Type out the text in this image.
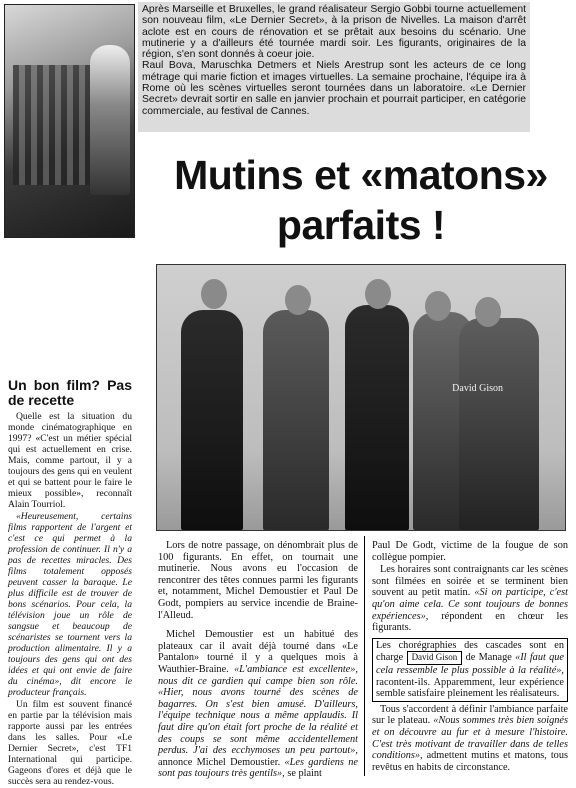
Après Marseille et Bruxelles, le grand réalisateur Sergio Gobbi tourne actuellement son nouveau film, «Le Dernier Secret», à la prison de Nivelles. La maison d'arrêt aclote est en cours de rénovation et se prêtait aux besoins du scénario. Une mutinerie y a d'ailleurs été tournée mardi soir. Les figurants, originaires de la région, s'en sont donnés à coeur joie.

Raul Bova, Maruschka Detmers et Niels Arestrup sont les acteurs de ce long métrage qui marie fiction et images virtuelles. La semaine prochaine, l'équipe ira à Rome où les scènes virtuelles seront tournées dans un laboratoire. «Le Dernier Secret» devrait sortir en salle en janvier prochain et pourrait participer, en catégorie commerciale, au festival de Cannes.

Mutins et «matons»
parfaits !
David Gison
Un bon film? Pas de recette

Quelle est la situation du monde cinématographique en 1997? «C'est un métier spécial qui est actuellement en crise. Mais, comme partout, il y a toujours des gens qui en veulent et qui se battent pour le faire le mieux possible», reconnaît Alain Tourriol.

«Heureusement, certains films rapportent de l'argent et c'est ce qui permet à la profession de continuer. Il n'y a pas de recettes miracles. Des films totalement opposés peuvent casser la baraque. Le plus difficile est de trouver de bons scénarios. Pour cela, la télévision joue un rôle de sangsue et beaucoup de scénaristes se tournent vers la production alimentaire. Il y a toujours des gens qui ont des idées et qui ont envie de faire du cinéma», dit encore le producteur français.

Un film est souvent financé en partie par la télévision mais rapporte aussi par les entrées dans les salles. Pour «Le Dernier Secret», c'est TF1 International qui participe. Gageons d'ores et déjà que le succès sera au rendez-vous.

Lors de notre passage, on dénombrait plus de 100 figurants. En effet, on tournait une mutinerie. Nous avons eu l'occasion de rencontrer des têtes connues parmi les figurants et, notamment, Michel Demoustier et Paul De Godt, pompiers au service incendie de Braine-l'Alleud.

Michel Demoustier est un habitué des plateaux car il avait déjà tourné dans «Le Pantalon» tourné il y a quelques mois à Wauthier-Braine. «L'ambiance est excellente», nous dit ce gardien qui campe bien son rôle. «Hier, nous avons tourné des scènes de bagarres. On s'est bien amusé. D'ailleurs, l'équipe technique nous a même applaudis. Il faut dire qu'on était fort proche de la réalité et des coups se sont même accidentellement perdus. J'ai des ecchymoses un peu partout», annonce Michel Demoustier. «Les gardiens ne sont pas toujours très gentils», se plaint

Paul De Godt, victime de la fougue de son collègue pompier.

Les horaires sont contraignants car les scènes sont filmées en soirée et se terminent bien souvent au petit matin. «Si on participe, c'est qu'on aime cela. Ce sont toujours de bonnes expériences», répondent en chœur les figurants.

Les chorégraphies des cascades sont en charge David Gison de Manage «Il faut que cela ressemble le plus possible à la réalité», racontent-ils. Apparemment, leur expérience semble satisfaire pleinement les réalisateurs.

Tous s'accordent à définir l'ambiance parfaite sur le plateau. «Nous sommes très bien soignés et on découvre au fur et à mesure l'histoire. C'est très motivant de travailler dans de telles conditions», admettent mutins et matons, tous revêtus en habits de circonstance.
